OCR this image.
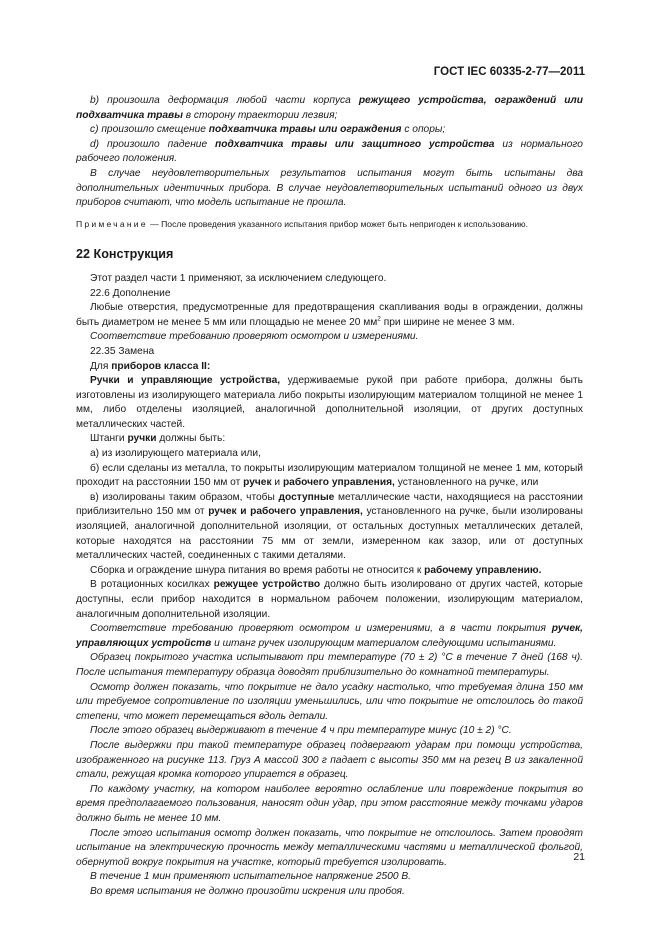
ГОСТ IEC 60335-2-77—2011

b) произошла деформация любой части корпуса режущего устройства, ограждений или подхватчика травы в сторону траектории лезвия;

c) произошло смещение подхватчика травы или ограждения с опоры;

d) произошло падение подхватчика травы или защитного устройства из нормального рабочего положения.

В случае неудовлетворительных результатов испытания могут быть испытаны два дополнительных идентичных прибора. В случае неудовлетворительных испытаний одного из двух приборов считают, что модель испытание не прошла.

Примечание — После проведения указанного испытания прибор может быть непригоден к использованию.

22 Конструкция

Этот раздел части 1 применяют, за исключением следующего.

22.6 Дополнение

Любые отверстия, предусмотренные для предотвращения скапливания воды в ограждении, должны быть диаметром не менее 5 мм или площадью не менее 20 $мм^2$ при ширине не менее 3 мм.

Соответствие требованию проверяют осмотром и измерениями.

22.35 Замена

Для приборов класса II:

Ручки и управляющие устройства, удерживаемые рукой при работе прибора, должны быть изготовлены из изолирующего материала либо покрыты изолирующим материалом толщиной не менее 1 мм, либо отделены изоляцией, аналогичной дополнительной изоляции, от других доступных металлических частей.

Штанги ручки должны быть:

а) из изолирующего материала или,

б) если сделаны из металла, то покрыты изолирующим материалом толщиной не менее 1 мм, который проходит на расстоянии 150 мм от ручек и рабочего управления, установленного на ручке, или

в) изолированы таким образом, чтобы доступные металлические части, находящиеся на расстоянии приблизительно 150 мм от ручек и рабочего управления, установленного на ручке, были изолированы изоляцией, аналогичной дополнительной изоляции, от остальных доступных металлических деталей, которые находятся на расстоянии 75 мм от земли, измеренном как зазор, или от доступных металлических частей, соединенных с такими деталями.

Сборка и ограждение шнура питания во время работы не относится к рабочему управлению.

В ротационных косилках режущее устройство должно быть изолировано от других частей, которые доступны, если прибор находится в нормальном рабочем положении, изолирующим материалом, аналогичным дополнительной изоляции.

Соответствие требованию проверяют осмотром и измерениями, а в части покрытия ручек, управляющих устройств и штанг ручек изолирующим материалом следующими испытаниями.

Образец покрытого участка испытывают при температуре (70 ± 2) °С в течение 7 дней (168 ч). После испытания температуру образца доводят приблизительно до комнатной температуры.

Осмотр должен показать, что покрытие не дало усадку настолько, что требуемая длина 150 мм или требуемое сопротивление по изоляции уменьшились, или что покрытие не отслоилось до такой степени, что может перемещаться вдоль детали.

После этого образец выдерживают в течение 4 ч при температуре минус (10 ± 2) °С.

После выдержки при такой температуре образец подвергают ударам при помощи устройства, изображенного на рисунке 113. Груз А массой 300 г падает с высоты 350 мм на резец В из закаленной стали, режущая кромка которого упирается в образец.

По каждому участку, на котором наиболее вероятно ослабление или повреждение покрытия во время предполагаемого пользования, наносят один удар, при этом расстояние между точками ударов должно быть не менее 10 мм.

После этого испытания осмотр должен показать, что покрытие не отслоилось. Затем проводят испытание на электрическую прочность между металлическими частями и металлической фольгой, обернутой вокруг покрытия на участке, который требуется изолировать.

В течение 1 мин применяют испытательное напряжение 2500 В.

Во время испытания не должно произойти искрения или пробоя.

21
